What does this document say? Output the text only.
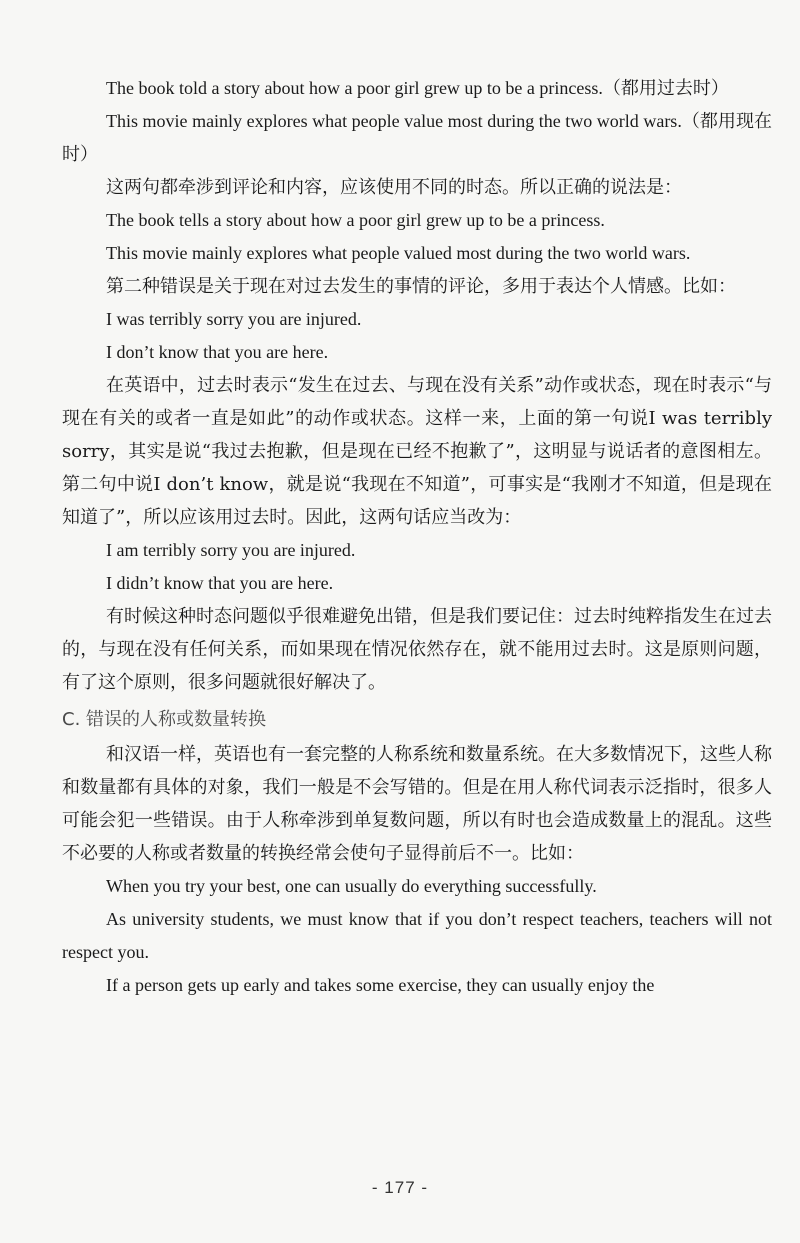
The book told a story about how a poor girl grew up to be a princess.（都用过去时）

This movie mainly explores what people value most during the two world wars.（都用现在时）

这两句都牵涉到评论和内容，应该使用不同的时态。所以正确的说法是：

The book tells a story about how a poor girl grew up to be a princess.

This movie mainly explores what people valued most during the two world wars.

第二种错误是关于现在对过去发生的事情的评论，多用于表达个人情感。比如：

I was terribly sorry you are injured.

I don’t know that you are here.

在英语中，过去时表示“发生在过去、与现在没有关系”动作或状态，现在时表示“与现在有关的或者一直是如此”的动作或状态。这样一来，上面的第一句说I was terribly sorry，其实是说“我过去抱歉，但是现在已经不抱歉了”，这明显与说话者的意图相左。第二句中说I don’t know，就是说“我现在不知道”，可事实是“我刚才不知道，但是现在知道了”，所以应该用过去时。因此，这两句话应当改为：

I am terribly sorry you are injured.

I didn’t know that you are here.

有时候这种时态问题似乎很难避免出错，但是我们要记住：过去时纯粹指发生在过去的，与现在没有任何关系，而如果现在情况依然存在，就不能用过去时。这是原则问题，有了这个原则，很多问题就很好解决了。

C. 错误的人称或数量转换

和汉语一样，英语也有一套完整的人称系统和数量系统。在大多数情况下，这些人称和数量都有具体的对象，我们一般是不会写错的。但是在用人称代词表示泛指时，很多人可能会犯一些错误。由于人称牵涉到单复数问题，所以有时也会造成数量上的混乱。这些不必要的人称或者数量的转换经常会使句子显得前后不一。比如：

When you try your best, one can usually do everything successfully.

As university students, we must know that if you don’t respect teachers, teachers will not respect you.

If a person gets up early and takes some exercise, they can usually enjoy the

- 177 -
